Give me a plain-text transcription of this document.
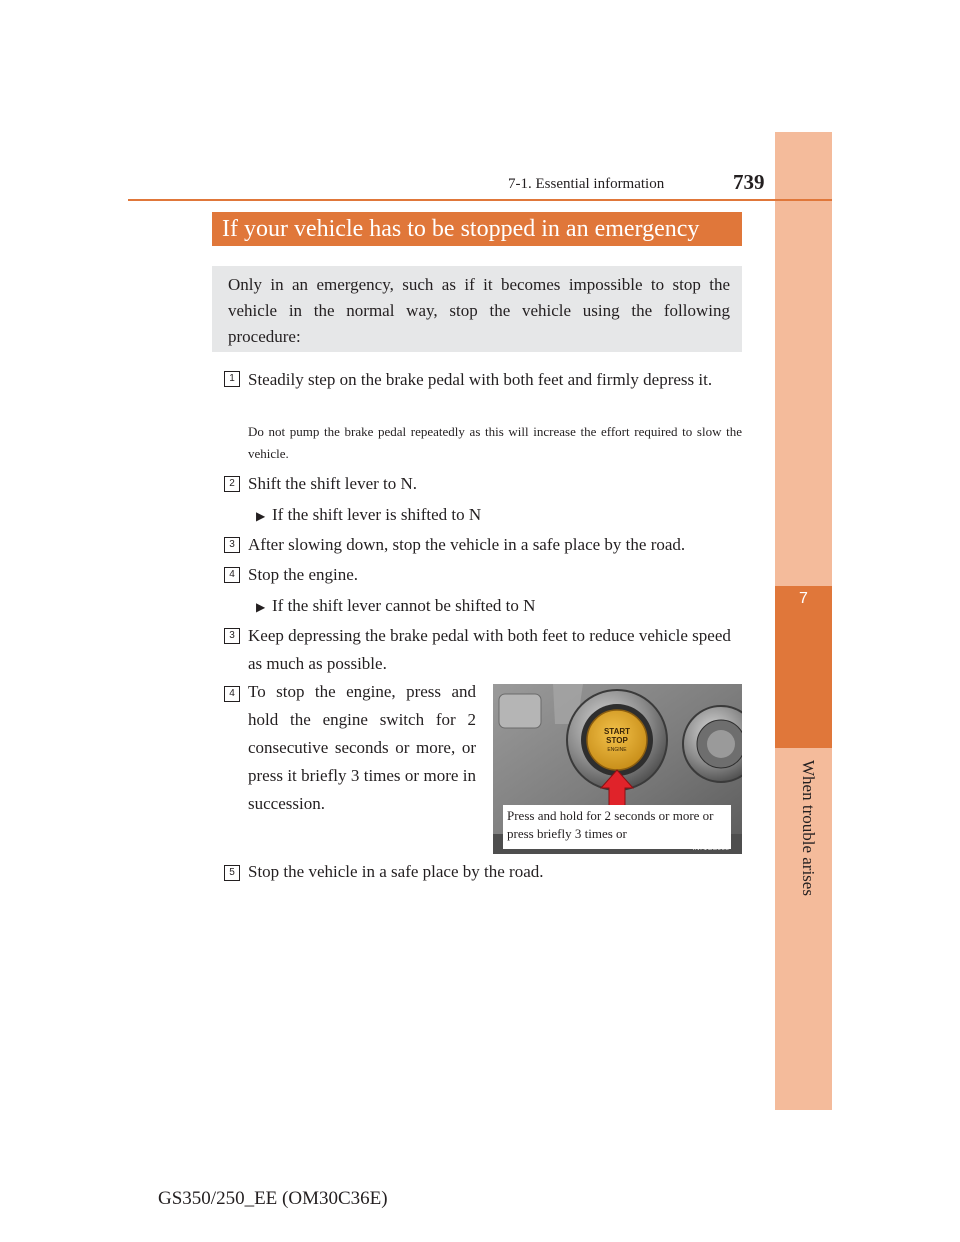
7
When trouble arises
7-1. Essential information	739
If your vehicle has to be stopped in an emergency
Only in an emergency, such as if it becomes impossible to stop the vehicle in the normal way, stop the vehicle using the following procedure:
1 Steadily step on the brake pedal with both feet and firmly depress it.
Do not pump the brake pedal repeatedly as this will increase the effort required to slow the vehicle.
2 Shift the shift lever to N.
▶ If the shift lever is shifted to N
3 After slowing down, stop the vehicle in a safe place by the road.
4 Stop the engine.
▶ If the shift lever cannot be shifted to N
3 Keep depressing the brake pedal with both feet to reduce vehicle speed as much as possible.
4 To stop the engine, press and hold the engine switch for 2 consecutive seconds or more, or press it briefly 3 times or more in succession.
START
STOP
ENGINE
Press and hold for 2 seconds or more or press briefly 3 times or
5 Stop the vehicle in a safe place by the road.
GS350/250_EE (OM30C36E)
